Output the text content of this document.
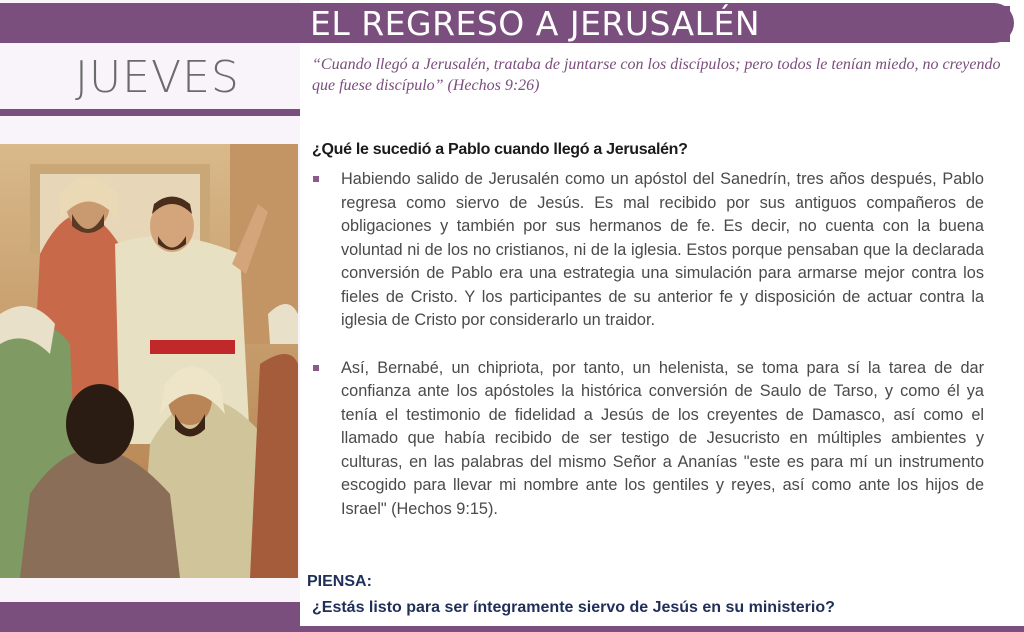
EL REGRESO A JERUSALÉN
JUEVES	“Cuando llegó a Jerusalén, trataba de juntarse con los discípulos; pero todos le tenían miedo, no creyendo que fuese discípulo” (Hechos 9:26)
¿Qué le sucedió a Pablo cuando llegó a Jerusalén?
Habiendo salido de Jerusalén como un apóstol del Sanedrín, tres años después, Pablo regresa como siervo de Jesús. Es mal recibido por sus antiguos compañeros de obligaciones y también por sus hermanos de fe. Es decir, no cuenta con la buena voluntad ni de los no cristianos, ni de la iglesia. Estos porque pensaban que la declarada conversión de Pablo era una estrategia una simulación para armarse mejor contra los fieles de Cristo. Y los participantes de su anterior fe y disposición de actuar contra la iglesia de Cristo por considerarlo un traidor.
Así, Bernabé, un chipriota, por tanto, un helenista, se toma para sí la tarea de dar confianza ante los apóstoles la histórica conversión de Saulo de Tarso, y como él ya tenía el testimonio de fidelidad a Jesús de los creyentes de Damasco, así como el llamado que había recibido de ser testigo de Jesucristo en múltiples ambientes y culturas, en las palabras del mismo Señor a Ananías "este es para mí un instrumento escogido para llevar mi nombre ante los gentiles y reyes, así como ante los hijos de Israel" (Hechos 9:15).
PIENSA:
¿Estás listo para ser íntegramente siervo de Jesús en su ministerio?
